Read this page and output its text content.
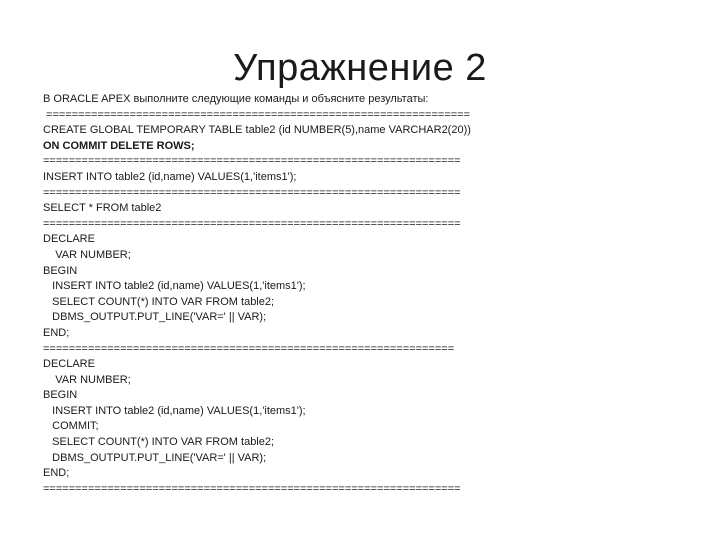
Упражнение 2
В ORACLE APEX выполните следующие команды и объясните результаты:
==================================================================
CREATE GLOBAL TEMPORARY TABLE table2 (id NUMBER(5),name VARCHAR2(20))
ON COMMIT DELETE ROWS;
=================================================================
INSERT INTO table2 (id,name) VALUES(1,'items1');
=================================================================
SELECT * FROM table2
=================================================================
DECLARE
VAR NUMBER;
BEGIN
INSERT INTO table2 (id,name) VALUES(1,'items1');
SELECT COUNT(*) INTO VAR FROM table2;
DBMS_OUTPUT.PUT_LINE('VAR=' || VAR);
END;
================================================================
DECLARE
VAR NUMBER;
BEGIN
INSERT INTO table2 (id,name) VALUES(1,'items1');
COMMIT;
SELECT COUNT(*) INTO VAR FROM table2;
DBMS_OUTPUT.PUT_LINE('VAR=' || VAR);
END;
=================================================================
